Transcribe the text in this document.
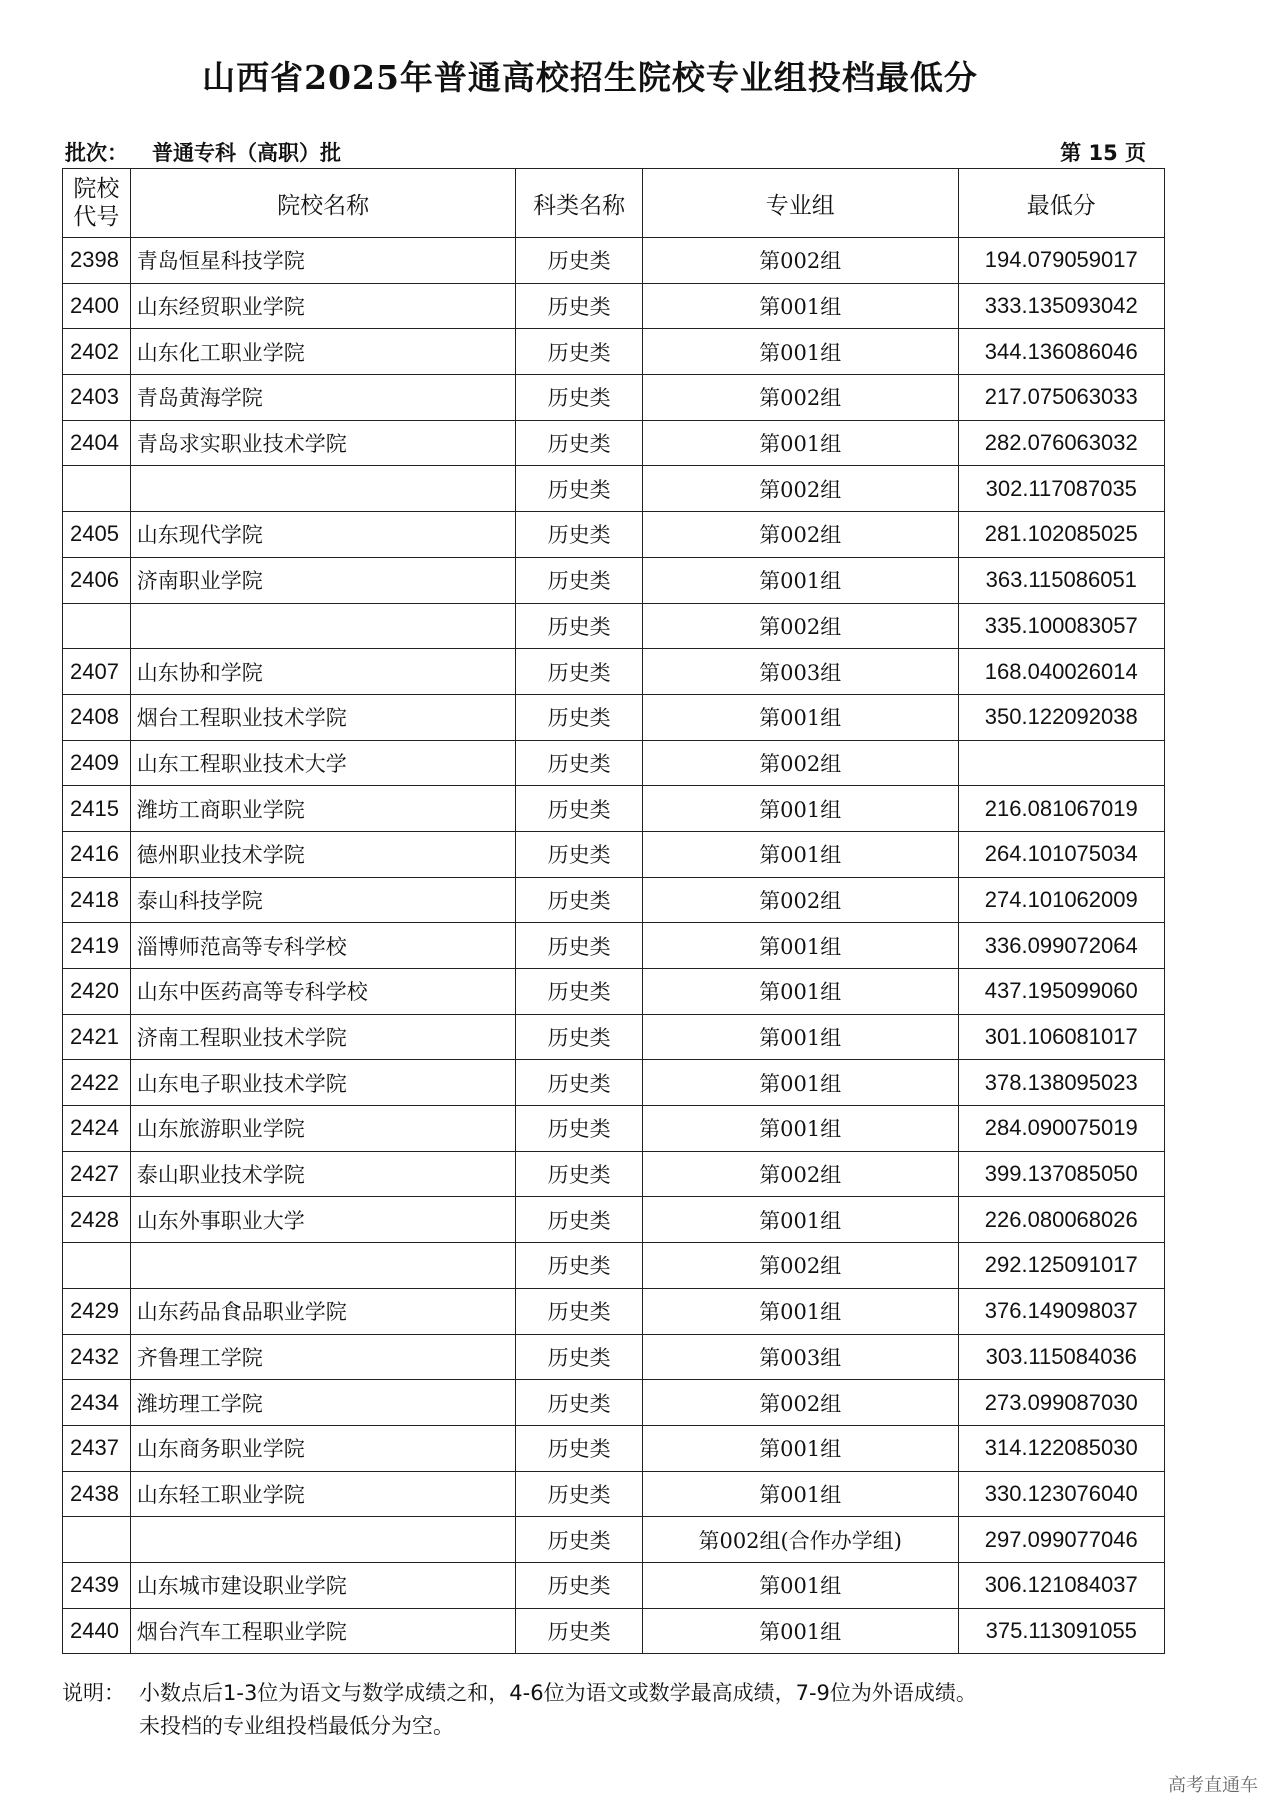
山西省2025年普通高校招生院校专业组投档最低分
批次： 普通专科（高职）批	第 15 页
院校
代号	院校名称	科类名称	专业组	最低分
2398	青岛恒星科技学院	历史类	第002组	194.079059017
2400	山东经贸职业学院	历史类	第001组	333.135093042
2402	山东化工职业学院	历史类	第001组	344.136086046
2403	青岛黄海学院	历史类	第002组	217.075063033
2404	青岛求实职业技术学院	历史类	第001组	282.076063032
		历史类	第002组	302.117087035
2405	山东现代学院	历史类	第002组	281.102085025
2406	济南职业学院	历史类	第001组	363.115086051
		历史类	第002组	335.100083057
2407	山东协和学院	历史类	第003组	168.040026014
2408	烟台工程职业技术学院	历史类	第001组	350.122092038
2409	山东工程职业技术大学	历史类	第002组	
2415	潍坊工商职业学院	历史类	第001组	216.081067019
2416	德州职业技术学院	历史类	第001组	264.101075034
2418	泰山科技学院	历史类	第002组	274.101062009
2419	淄博师范高等专科学校	历史类	第001组	336.099072064
2420	山东中医药高等专科学校	历史类	第001组	437.195099060
2421	济南工程职业技术学院	历史类	第001组	301.106081017
2422	山东电子职业技术学院	历史类	第001组	378.138095023
2424	山东旅游职业学院	历史类	第001组	284.090075019
2427	泰山职业技术学院	历史类	第002组	399.137085050
2428	山东外事职业大学	历史类	第001组	226.080068026
		历史类	第002组	292.125091017
2429	山东药品食品职业学院	历史类	第001组	376.149098037
2432	齐鲁理工学院	历史类	第003组	303.115084036
2434	潍坊理工学院	历史类	第002组	273.099087030
2437	山东商务职业学院	历史类	第001组	314.122085030
2438	山东轻工职业学院	历史类	第001组	330.123076040
		历史类	第002组(合作办学组)	297.099077046
2439	山东城市建设职业学院	历史类	第001组	306.121084037
2440	烟台汽车工程职业学院	历史类	第001组	375.113091055
说明： 小数点后1-3位为语文与数学成绩之和，4-6位为语文或数学最高成绩，7-9位为外语成绩。
未投档的专业组投档最低分为空。
高考直通车
